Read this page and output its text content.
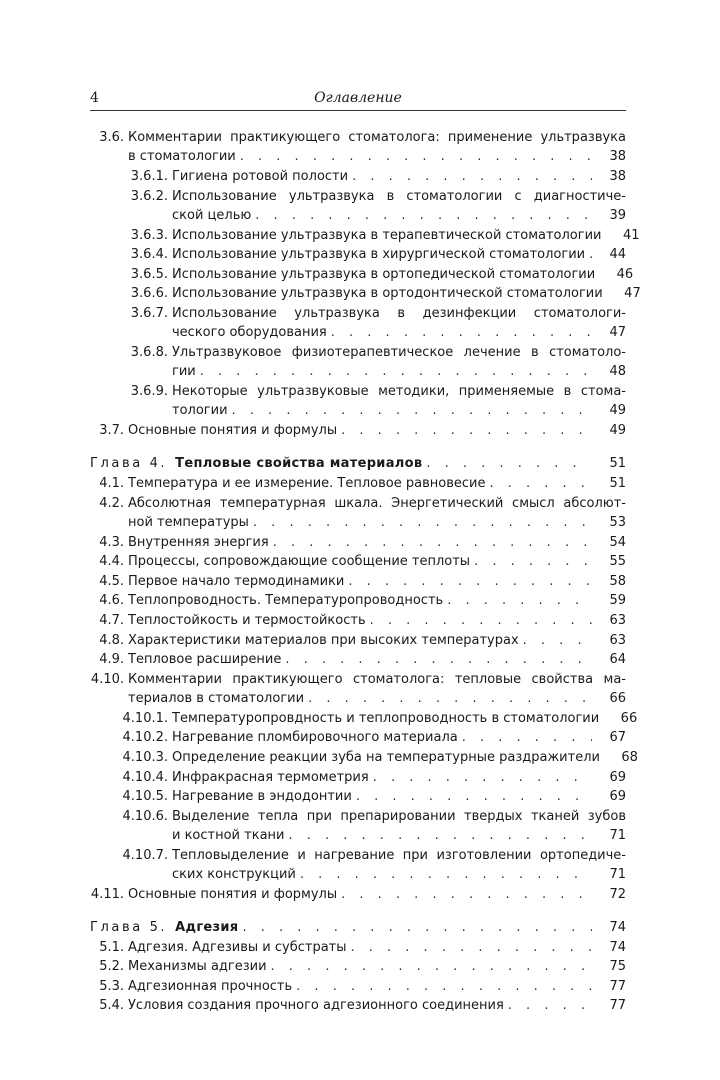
4	Оглавление
3.6. Комментарии практикующего стоматолога: применение ультразвука
в стоматологии . . .	38
3.6.1. Гигиена ротовой полости . . .	38
3.6.2. Использование ультразвука в стоматологии с диагностиче-
ской целью . . .	39
3.6.3. Использование ультразвука в терапевтической стоматологии	41
3.6.4. Использование ультразвука в хирургической стоматологии . . .	44
3.6.5. Использование ультразвука в ортопедической стоматологии	46
3.6.6. Использование ультразвука в ортодонтической стоматологии	47
3.6.7. Использование ультразвука в дезинфекции стоматологи-
ческого оборудования . . .	47
3.6.8. Ультразвуковое физиотерапевтическое лечение в стоматоло-
гии . . .	48
3.6.9. Некоторые ультразвуковые методики, применяемые в стома-
тологии . . .	49
3.7. Основные понятия и формулы . . .	49
Глава 4. Тепловые свойства материалов . . .	51
4.1. Температура и ее измерение. Тепловое равновесие . . .	51
4.2. Абсолютная температурная шкала. Энергетический смысл абсолют-
ной температуры . . .	53
4.3. Внутренняя энергия . . .	54
4.4. Процессы, сопровождающие сообщение теплоты . . .	55
4.5. Первое начало термодинамики . . .	58
4.6. Теплопроводность. Температуропроводность . . .	59
4.7. Теплостойкость и термостойкость . . .	63
4.8. Характеристики материалов при высоких температурах . . .	63
4.9. Тепловое расширение . . .	64
4.10. Комментарии практикующего стоматолога: тепловые свойства ма-
териалов в стоматологии . . .	66
4.10.1. Температуропровдность и теплопроводность в стоматологии	66
4.10.2. Нагревание пломбировочного материала . . .	67
4.10.3. Определение реакции зуба на температурные раздражители	68
4.10.4. Инфракрасная термометрия . . .	69
4.10.5. Нагревание в эндодонтии . . .	69
4.10.6. Выделение тепла при препарировании твердых тканей зубов
и костной ткани . . .	71
4.10.7. Тепловыделение и нагревание при изготовлении ортопедиче-
ских конструкций . . .	71
4.11. Основные понятия и формулы . . .	72
Глава 5. Адгезия . . .	74
5.1. Адгезия. Адгезивы и субстраты . . .	74
5.2. Механизмы адгезии . . .	75
5.3. Адгезионная прочность . . .	77
5.4. Условия создания прочного адгезионного соединения . . .	77
